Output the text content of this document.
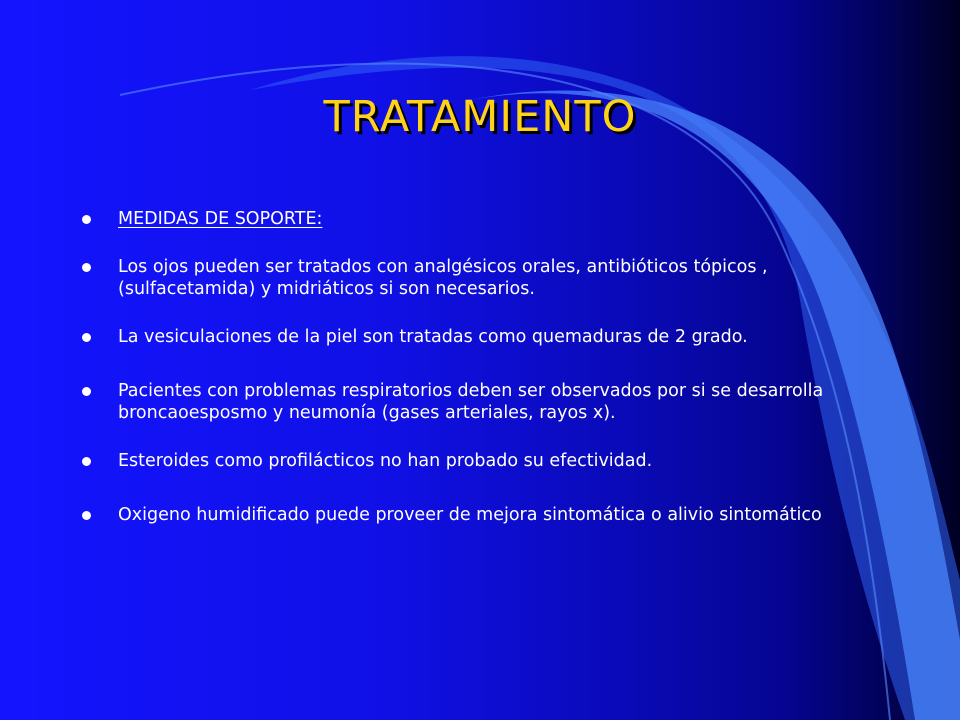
TRATAMIENTO
MEDIDAS DE SOPORTE:
Los ojos pueden ser tratados con analgésicos orales, antibióticos tópicos , (sulfacetamida) y midriáticos si son necesarios.
La vesiculaciones de la piel son tratadas como quemaduras de 2 grado.
Pacientes con problemas respiratorios deben ser observados por si se desarrolla broncaoesposmo y neumonía (gases arteriales, rayos x).
Esteroides como profilácticos no han probado su efectividad.
Oxigeno humidificado puede proveer de mejora sintomática o alivio sintomático
